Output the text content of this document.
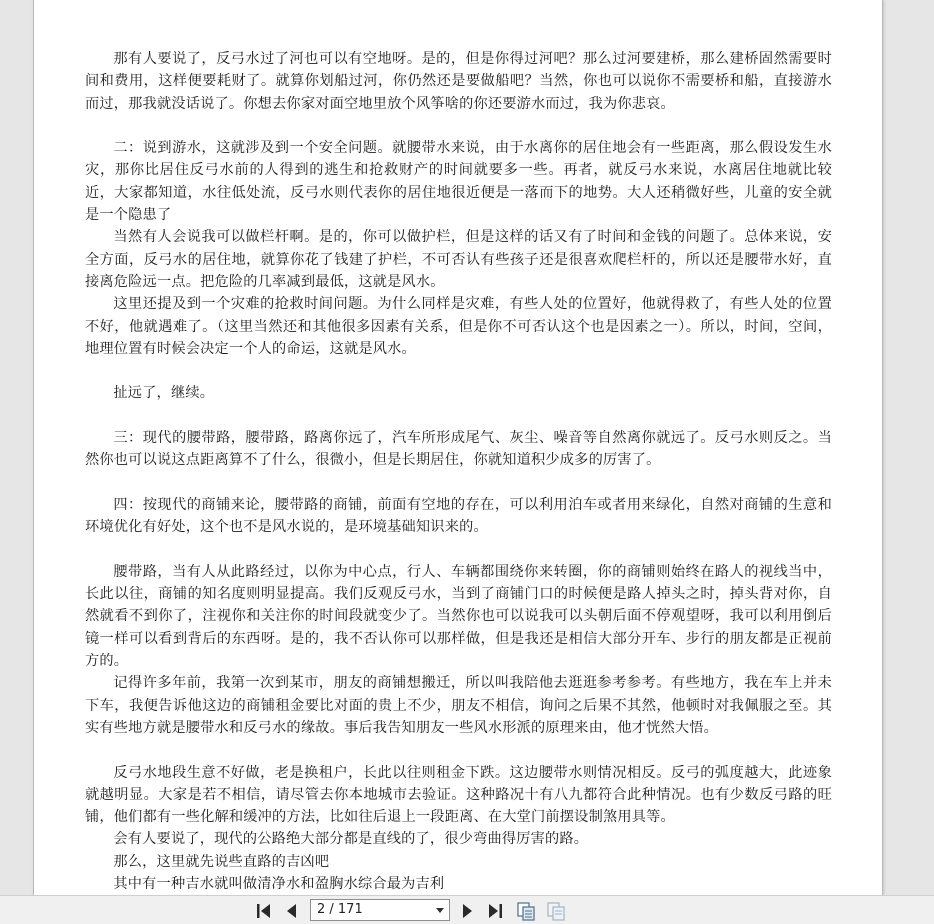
那有人要说了，反弓水过了河也可以有空地呀。是的，但是你得过河吧？那么过河要建桥，那么建桥固然需要时间和费用，这样便要耗财了。就算你划船过河，你仍然还是要做船吧？当然，你也可以说你不需要桥和船，直接游水而过，那我就没话说了。你想去你家对面空地里放个风筝啥的你还要游水而过，我为你悲哀。

二：说到游水，这就涉及到一个安全问题。就腰带水来说，由于水离你的居住地会有一些距离，那么假设发生水灾，那你比居住反弓水前的人得到的逃生和抢救财产的时间就要多一些。再者，就反弓水来说，水离居住地就比较近，大家都知道，水往低处流，反弓水则代表你的居住地很近便是一落而下的地势。大人还稍微好些，儿童的安全就是一个隐患了

当然有人会说我可以做栏杆啊。是的，你可以做护栏，但是这样的话又有了时间和金钱的问题了。总体来说，安全方面，反弓水的居住地，就算你花了钱建了护栏，不可否认有些孩子还是很喜欢爬栏杆的，所以还是腰带水好，直接离危险远一点。把危险的几率减到最低，这就是风水。

这里还提及到一个灾难的抢救时间问题。为什么同样是灾难，有些人处的位置好，他就得救了，有些人处的位置不好，他就遇难了。（这里当然还和其他很多因素有关系，但是你不可否认这个也是因素之一）。所以，时间，空间，地理位置有时候会决定一个人的命运，这就是风水。

扯远了，继续。

三：现代的腰带路，腰带路，路离你远了，汽车所形成尾气、灰尘、噪音等自然离你就远了。反弓水则反之。当然你也可以说这点距离算不了什么，很微小，但是长期居住，你就知道积少成多的厉害了。

四：按现代的商铺来论，腰带路的商铺，前面有空地的存在，可以利用泊车或者用来绿化，自然对商铺的生意和环境优化有好处，这个也不是风水说的，是环境基础知识来的。

腰带路，当有人从此路经过，以你为中心点，行人、车辆都围绕你来转圈，你的商铺则始终在路人的视线当中，长此以往，商铺的知名度则明显提高。我们反观反弓水，当到了商铺门口的时候便是路人掉头之时，掉头背对你，自然就看不到你了，注视你和关注你的时间段就变少了。当然你也可以说我可以头朝后面不停观望呀，我可以利用倒后镜一样可以看到背后的东西呀。是的，我不否认你可以那样做，但是我还是相信大部分开车、步行的朋友都是正视前方的。

记得许多年前，我第一次到某市，朋友的商铺想搬迁，所以叫我陪他去逛逛参考参考。有些地方，我在车上并未下车，我便告诉他这边的商铺租金要比对面的贵上不少，朋友不相信，询问之后果不其然，他顿时对我佩服之至。其实有些地方就是腰带水和反弓水的缘故。事后我告知朋友一些风水形派的原理来由，他才恍然大悟。

反弓水地段生意不好做，老是换租户，长此以往则租金下跌。这边腰带水则情况相反。反弓的弧度越大，此迹象就越明显。大家是若不相信，请尽管去你本地城市去验证。这种路况十有八九都符合此种情况。也有少数反弓路的旺铺，他们都有一些化解和缓冲的方法，比如往后退上一段距离、在大堂门前摆设制煞用具等。

会有人要说了，现代的公路绝大部分都是直线的了，很少弯曲得厉害的路。

那么，这里就先说些直路的吉凶吧

其中有一种吉水就叫做清净水和盈胸水综合最为吉利

2 / 171
